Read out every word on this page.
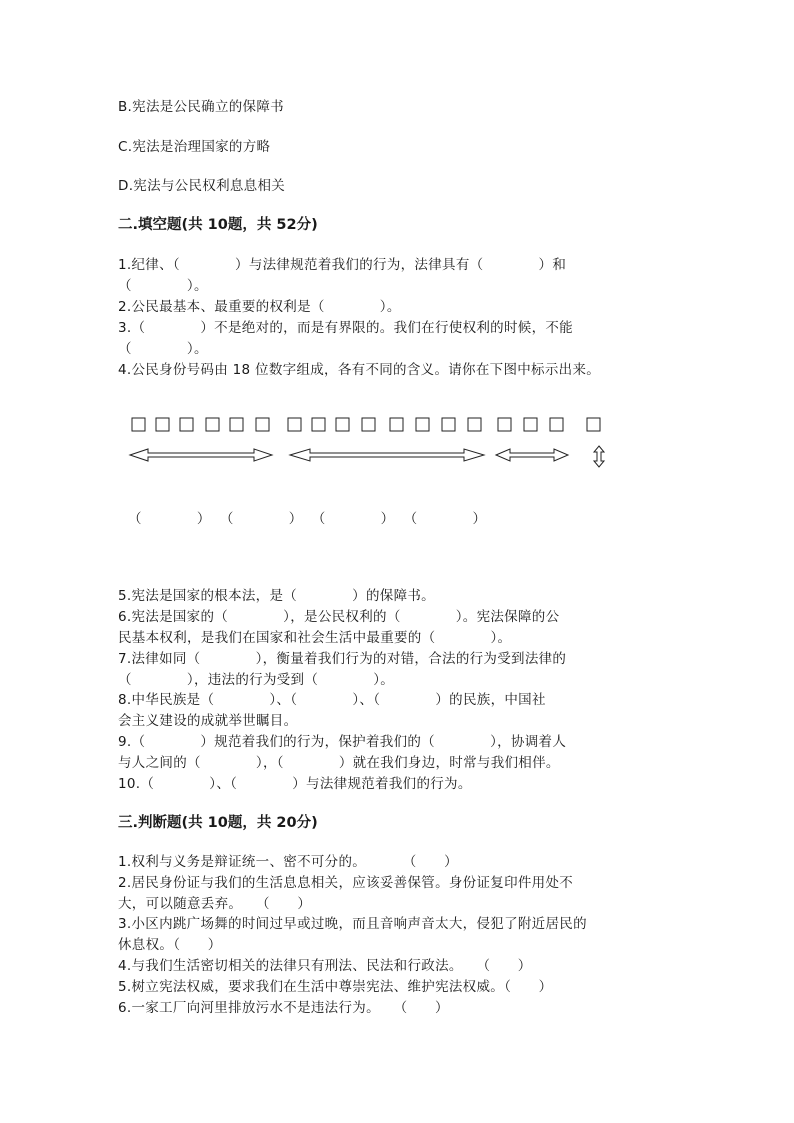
B.宪法是公民确立的保障书
C.宪法是治理国家的方略
D.宪法与公民权利息息相关
二.填空题(共 10题，共 52分)
1.纪律、（            ）与法律规范着我们的行为，法律具有（            ）和
（            ）。
2.公民最基本、最重要的权利是（            ）。
3.（            ）不是绝对的，而是有界限的。我们在行使权利的时候，不能
（            ）。
4.公民身份号码由 18 位数字组成，各有不同的含义。请你在下图中标示出来。
（            ）  （            ）  （            ）  （            ）
5.宪法是国家的根本法，是（            ）的保障书。
6.宪法是国家的（            ），是公民权利的（            ）。宪法保障的公
民基本权利，是我们在国家和社会生活中最重要的（            ）。
7.法律如同（            ），衡量着我们行为的对错，合法的行为受到法律的
（            ），违法的行为受到（            ）。
8.中华民族是（            ）、（            ）、（            ）的民族，中国社
会主义建设的成就举世瞩目。
9.（            ）规范着我们的行为，保护着我们的（            ），协调着人
与人之间的（            ），（            ）就在我们身边，时常与我们相伴。
10.（            ）、（            ）与法律规范着我们的行为。
三.判断题(共 10题，共 20分)
1.权利与义务是辩证统一、密不可分的。        （      ）
2.居民身份证与我们的生活息息相关，应该妥善保管。身份证复印件用处不
大，可以随意丢弃。   （      ）
3.小区内跳广场舞的时间过早或过晚，而且音响声音太大，侵犯了附近居民的
休息权。（      ）
4.与我们生活密切相关的法律只有刑法、民法和行政法。   （      ）
5.树立宪法权威，要求我们在生活中尊崇宪法、维护宪法权威。（      ）
6.一家工厂向河里排放污水不是违法行为。   （      ）
